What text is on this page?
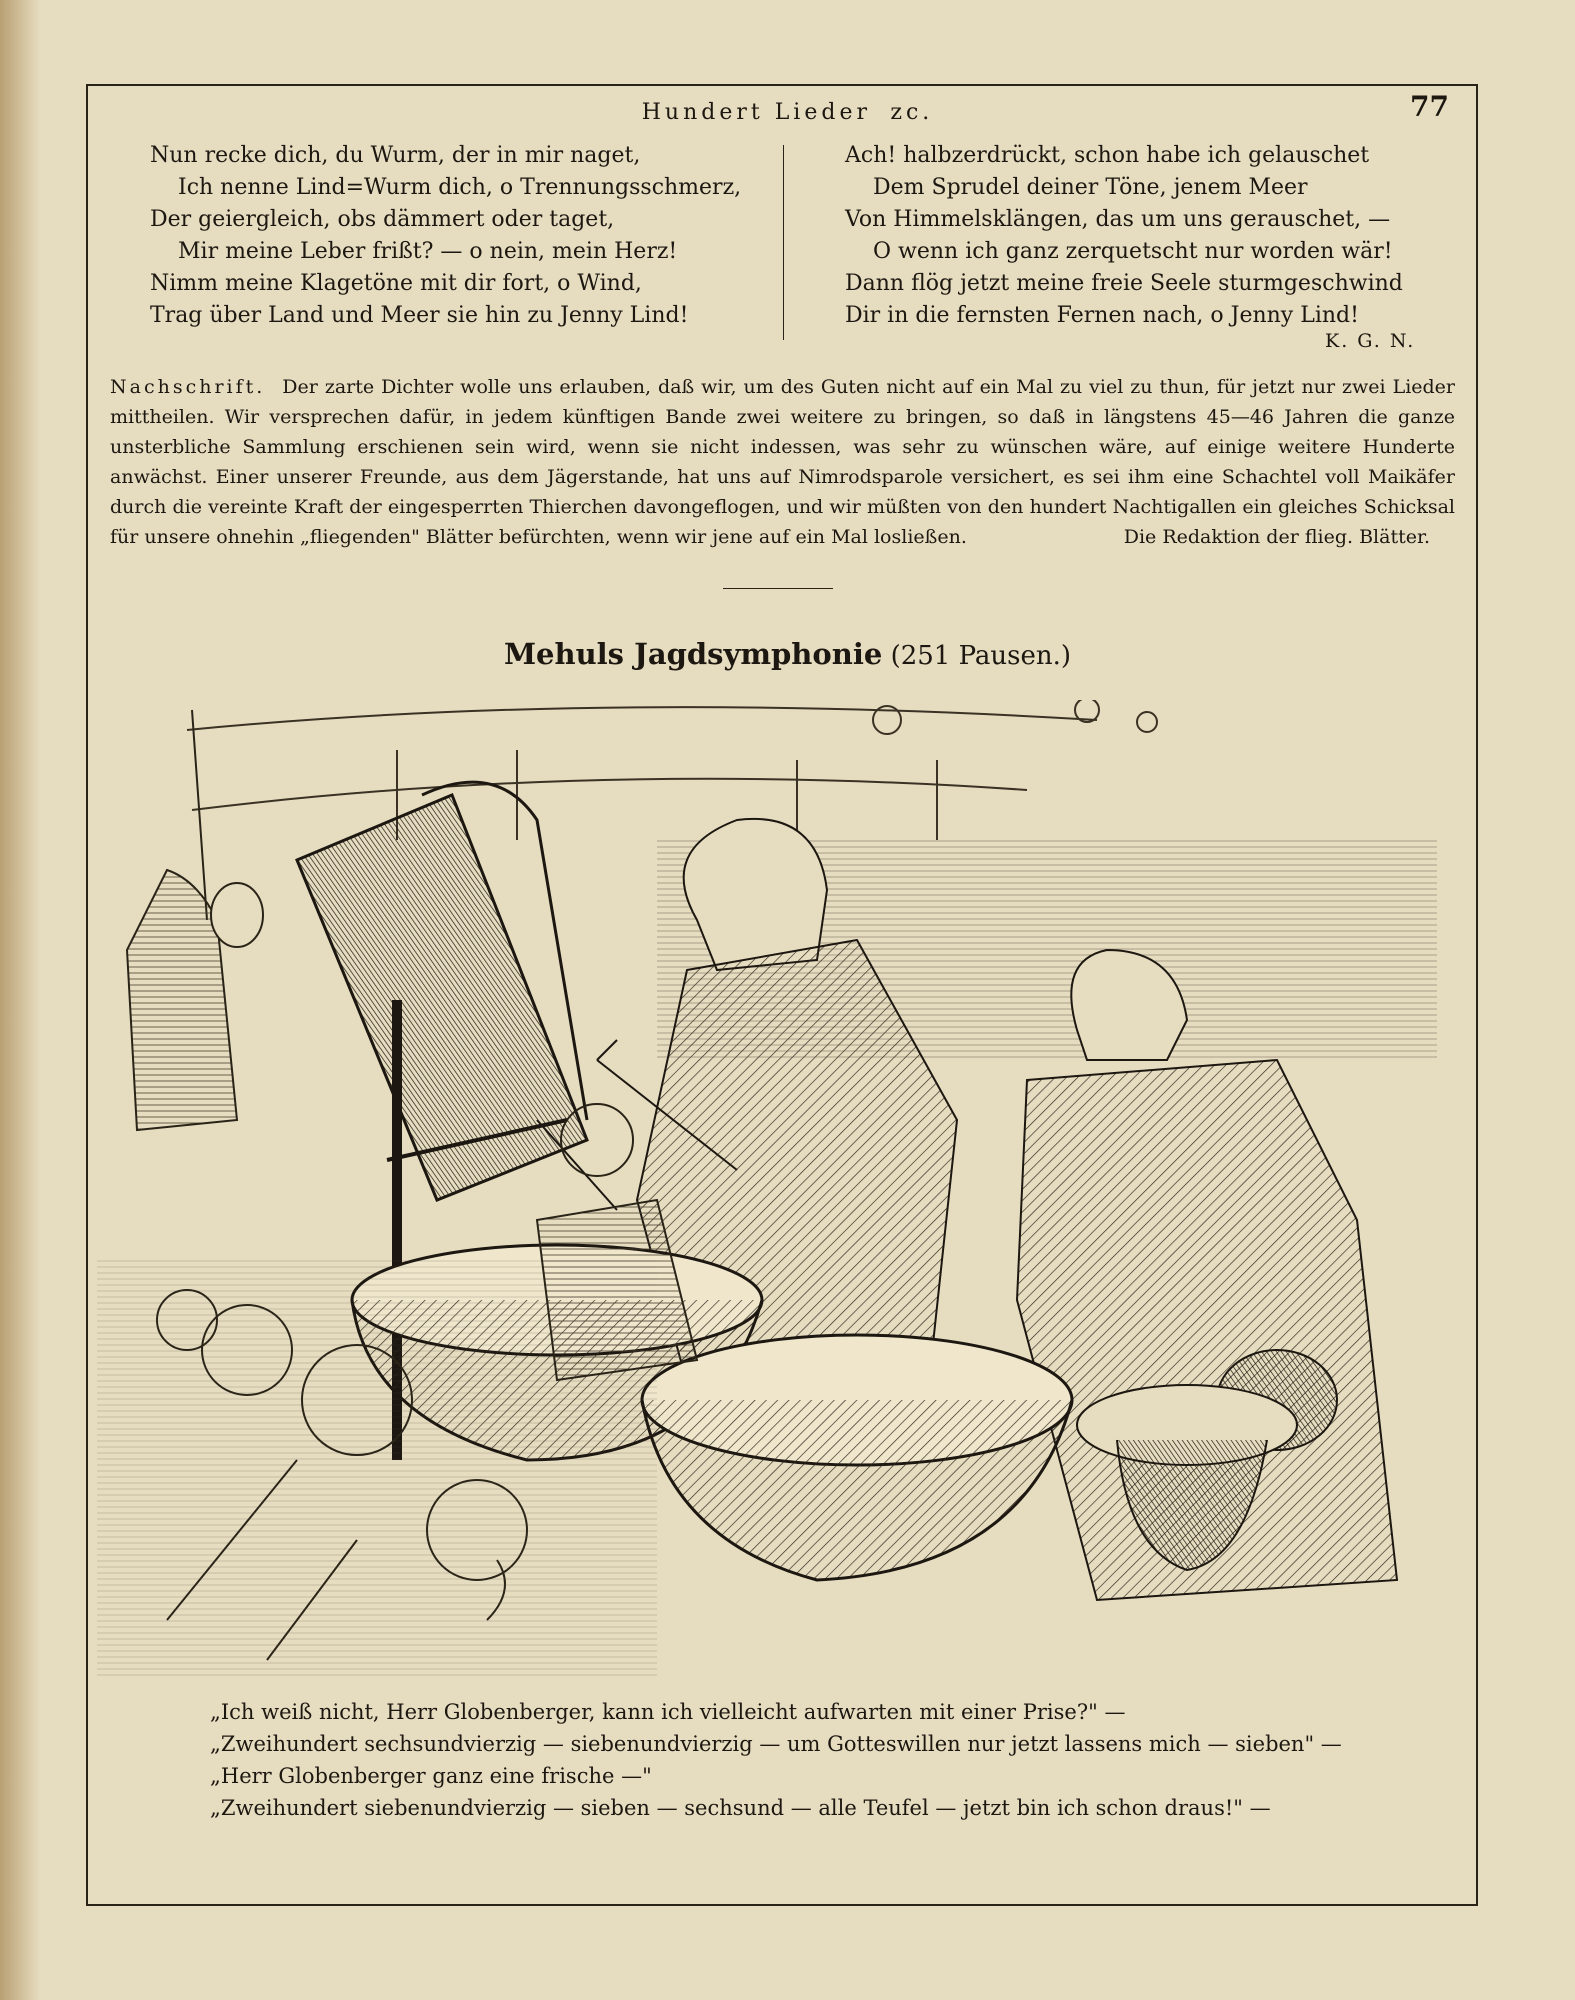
Hundert Lieder  zc.	77
Nun recke dich, du Wurm, der in mir naget,
Ich nenne Lind=Wurm dich, o Trennungsschmerz,
Der geiergleich, obs dämmert oder taget,
Mir meine Leber frißt? — o nein, mein Herz!
Nimm meine Klagetöne mit dir fort, o Wind,
Trag über Land und Meer sie hin zu Jenny Lind!
Ach! halbzerdrückt, schon habe ich gelauschet
Dem Sprudel deiner Töne, jenem Meer
Von Himmelsklängen, das um uns gerauschet, —
O wenn ich ganz zerquetscht nur worden wär!
Dann flög jetzt meine freie Seele sturmgeschwind
Dir in die fernsten Fernen nach, o Jenny Lind!
K. G. N.
Nachschrift. Der zarte Dichter wolle uns erlauben, daß wir, um des Guten nicht auf ein Mal zu viel zu thun, für jetzt nur zwei Lieder mittheilen. Wir versprechen dafür, in jedem künftigen Bande zwei weitere zu bringen, so daß in längstens 45—46 Jahren die ganze unsterbliche Sammlung erschienen sein wird, wenn sie nicht indessen, was sehr zu wünschen wäre, auf einige weitere Hunderte anwächst. Einer unserer Freunde, aus dem Jägerstande, hat uns auf Nimrodsparole versichert, es sei ihm eine Schachtel voll Maikäfer durch die vereinte Kraft der eingesperrten Thierchen davongeflogen, und wir müßten von den hundert Nachtigallen ein gleiches Schicksal für unsere ohnehin „fliegenden" Blätter befürchten, wenn wir jene auf ein Mal losließen.	Die Redaktion der flieg. Blätter.
Mehuls Jagdsymphonie (251 Pausen.)
„Ich weiß nicht, Herr Globenberger, kann ich vielleicht aufwarten mit einer Prise?" —
„Zweihundert sechsundvierzig — siebenundvierzig — um Gotteswillen nur jetzt lassens mich — sieben" —
„Herr Globenberger ganz eine frische —"
„Zweihundert siebenundvierzig — sieben — sechsund — alle Teufel — jetzt bin ich schon draus!" —
